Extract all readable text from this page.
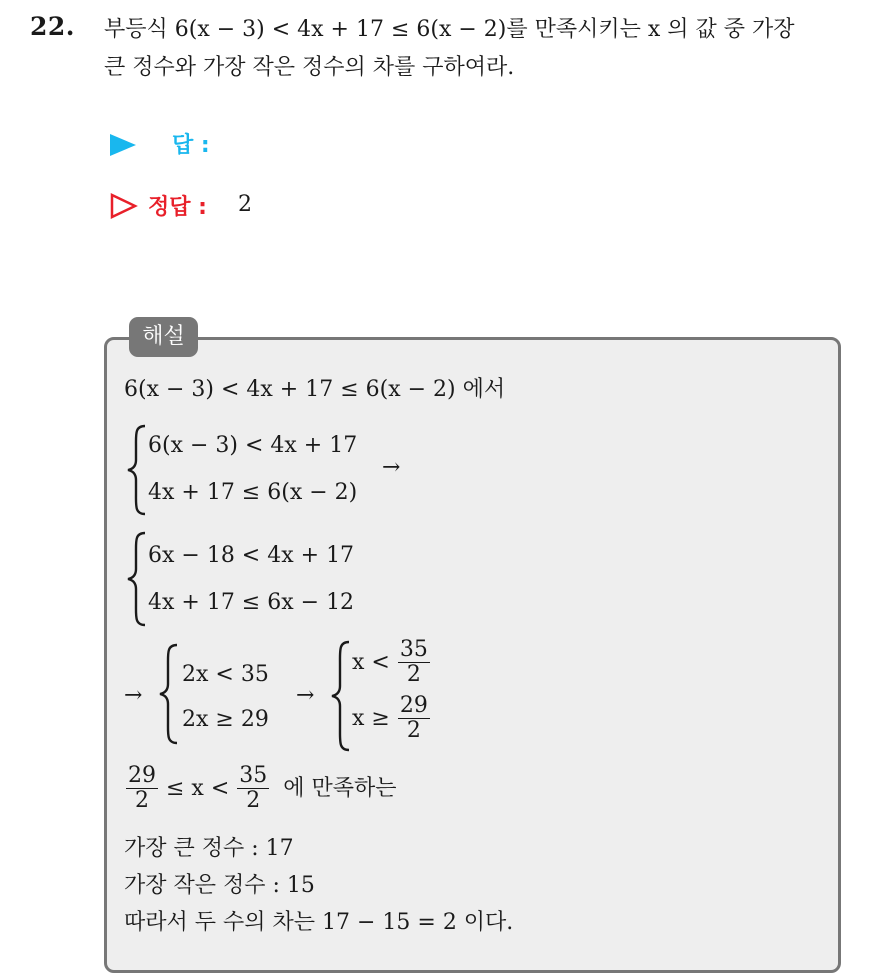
22. 부등식 6(x − 3) < 4x + 17 ≤ 6(x − 2)를 만족시키는 x 의 값 중 가장
큰 정수와 가장 작은 정수의 차를 구하여라.
답 :
정답 : 2
해설
6(x − 3) < 4x + 17 ≤ 6(x − 2) 에서
6(x − 3) < 4x + 17
4x + 17 ≤ 6(x − 2)
→
6x − 18 < 4x + 17
4x + 17 ≤ 6x − 12
→
2x < 35
2x ≥ 29
→
$x < \frac{35}{2}$
$x \ge \frac{29}{2}$
$\frac{29}{2} \le x < \frac{35}{2}$ 에 만족하는
가장 큰 정수 : 17
가장 작은 정수 : 15
따라서 두 수의 차는 17 − 15 = 2 이다.
